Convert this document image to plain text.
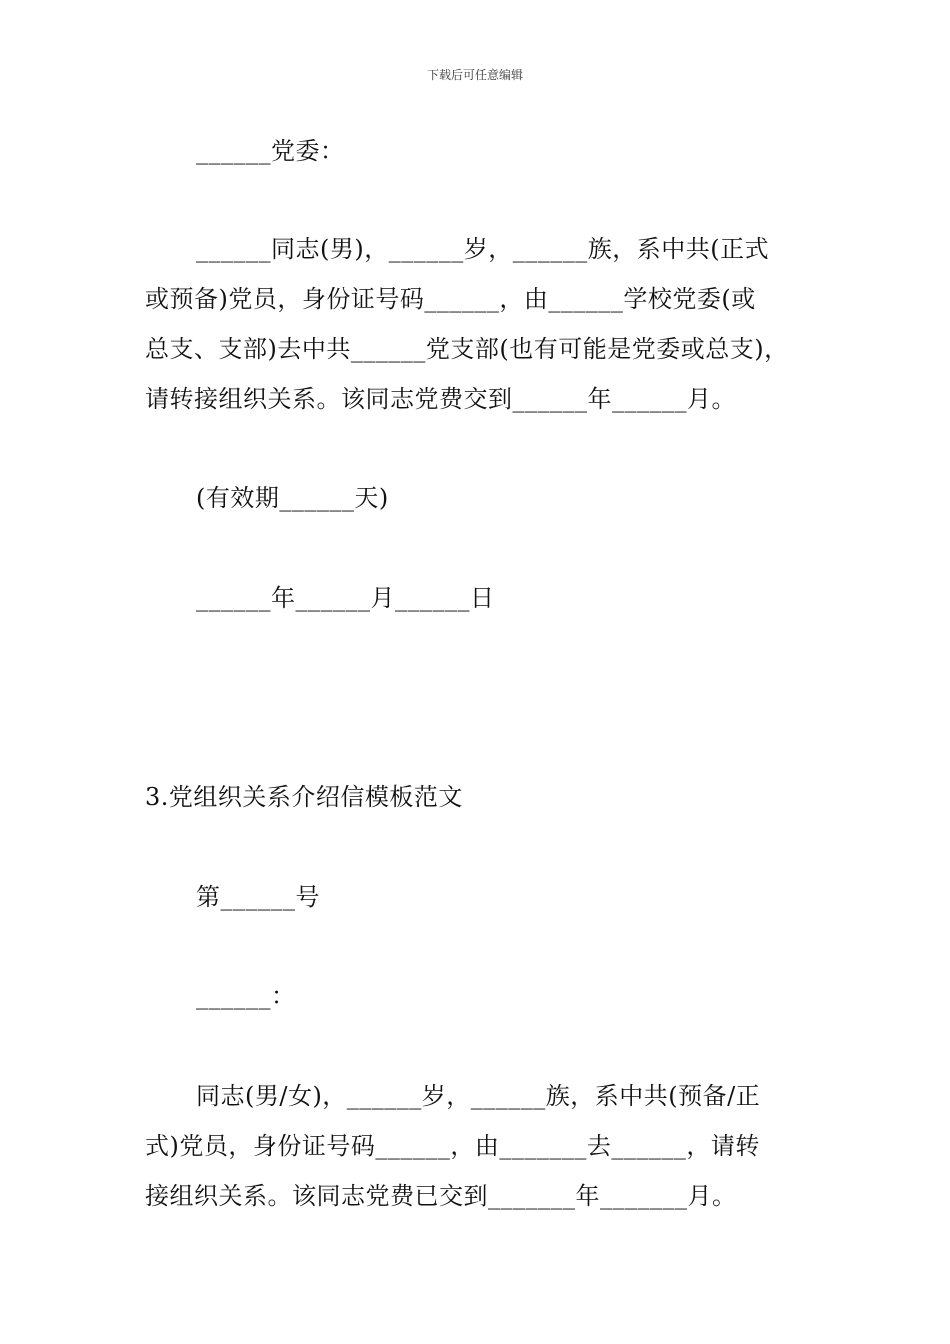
下载后可任意编辑
______党委：
______同志(男)，______岁，______族，系中共(正式
或预备)党员，身份证号码______，由______学校党委(或
总支、支部)去中共______党支部(也有可能是党委或总支)，
请转接组织关系。该同志党费交到______年______月。
(有效期______天)
______年______月______日
3.党组织关系介绍信模板范文
第______号
______：
同志(男/女)，______岁，______族，系中共(预备/正
式)党员，身份证号码______，由_______去______，请转
接组织关系。该同志党费已交到_______年_______月。
